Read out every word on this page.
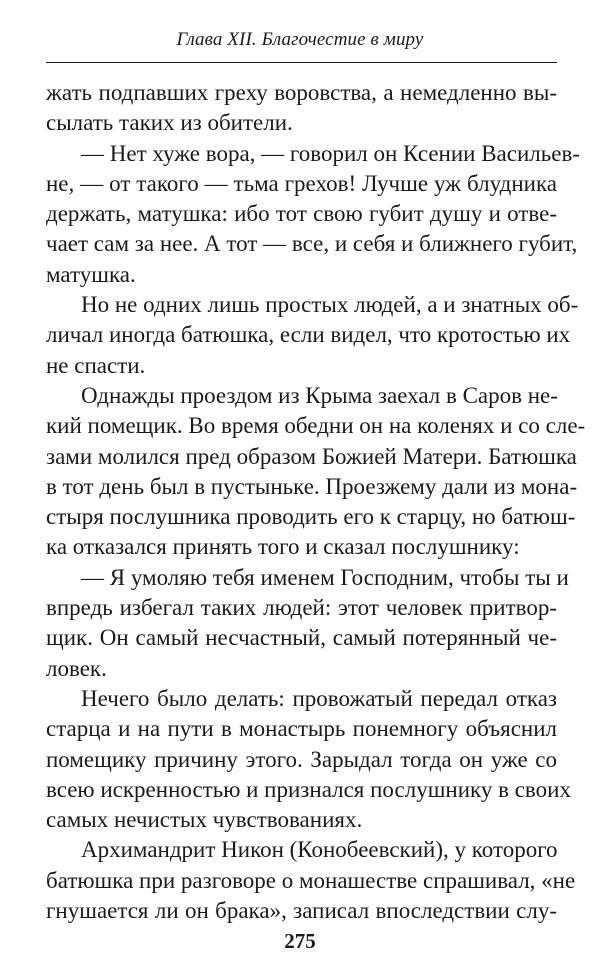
Глава XII. Благочестие в миру
жать подпавших греху воровства, а немедленно вы-
сылать таких из обители.
— Нет хуже вора, — говорил он Ксении Васильев-
не, — от такого — тьма грехов! Лучше уж блудника
держать, матушка: ибо тот свою губит душу и отве-
чает сам за нее. А тот — все, и себя и ближнего губит,
матушка.
Но не одних лишь простых людей, а и знатных об-
личал иногда батюшка, если видел, что кротостью их
не спасти.
Однажды проездом из Крыма заехал в Саров не-
кий помещик. Во время обедни он на коленях и со сле-
зами молился пред образом Божией Матери. Батюшка
в тот день был в пустыньке. Проезжему дали из мона-
стыря послушника проводить его к старцу, но батюш-
ка отказался принять того и сказал послушнику:
— Я умоляю тебя именем Господним, чтобы ты и
впредь избегал таких людей: этот человек притвор-
щик. Он самый несчастный, самый потерянный че-
ловек.
Нечего было делать: провожатый передал отказ
старца и на пути в монастырь понемногу объяснил
помещику причину этого. Зарыдал тогда он уже со
всею искренностью и признался послушнику в своих
самых нечистых чувствованиях.
Архимандрит Никон (Конобеевский), у которого
батюшка при разговоре о монашестве спрашивал, «не
гнушается ли он брака», записал впоследствии слу-
275
